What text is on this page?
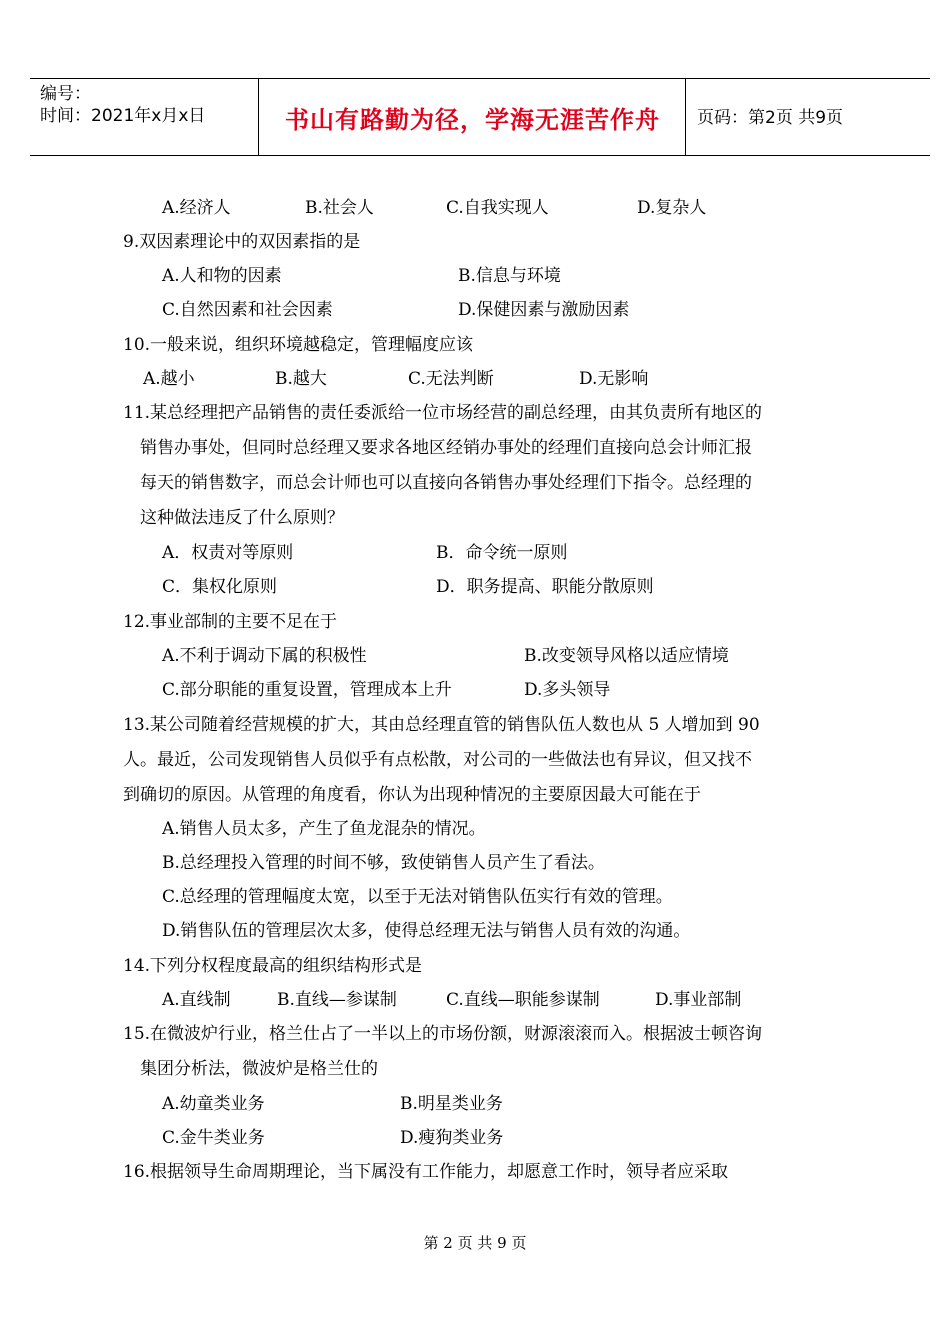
编号：
时间：2021年x月x日	书山有路勤为径，学海无涯苦作舟	页码：第2页 共9页
A.经济人	B.社会人	C.自我实现人	D.复杂人
9.双因素理论中的双因素指的是
A.人和物的因素	B.信息与环境
C.自然因素和社会因素	D.保健因素与激励因素
10.一般来说，组织环境越稳定，管理幅度应该
A.越小	B.越大	C.无法判断	D.无影响
11.某总经理把产品销售的责任委派给一位市场经营的副总经理，由其负责所有地区的
销售办事处，但同时总经理又要求各地区经销办事处的经理们直接向总会计师汇报
每天的销售数字，而总会计师也可以直接向各销售办事处经理们下指令。总经理的
这种做法违反了什么原则？
A．权责对等原则	B．命令统一原则
C．集权化原则	D．职务提高、职能分散原则
12.事业部制的主要不足在于
A.不利于调动下属的积极性	B.改变领导风格以适应情境
C.部分职能的重复设置，管理成本上升	D.多头领导
13.某公司随着经营规模的扩大，其由总经理直管的销售队伍人数也从 5 人增加到 90
人。最近，公司发现销售人员似乎有点松散，对公司的一些做法也有异议，但又找不
到确切的原因。从管理的角度看，你认为出现种情况的主要原因最大可能在于
A.销售人员太多，产生了鱼龙混杂的情况。
B.总经理投入管理的时间不够，致使销售人员产生了看法。
C.总经理的管理幅度太宽，以至于无法对销售队伍实行有效的管理。
D.销售队伍的管理层次太多，使得总经理无法与销售人员有效的沟通。
14.下列分权程度最高的组织结构形式是
A.直线制	B.直线—参谋制	C.直线—职能参谋制	D.事业部制
15.在微波炉行业，格兰仕占了一半以上的市场份额，财源滚滚而入。根据波士顿咨询
集团分析法，微波炉是格兰仕的
A.幼童类业务	B.明星类业务
C.金牛类业务	D.瘦狗类业务
16.根据领导生命周期理论，当下属没有工作能力，却愿意工作时，领导者应采取
第 2 页 共 9 页
